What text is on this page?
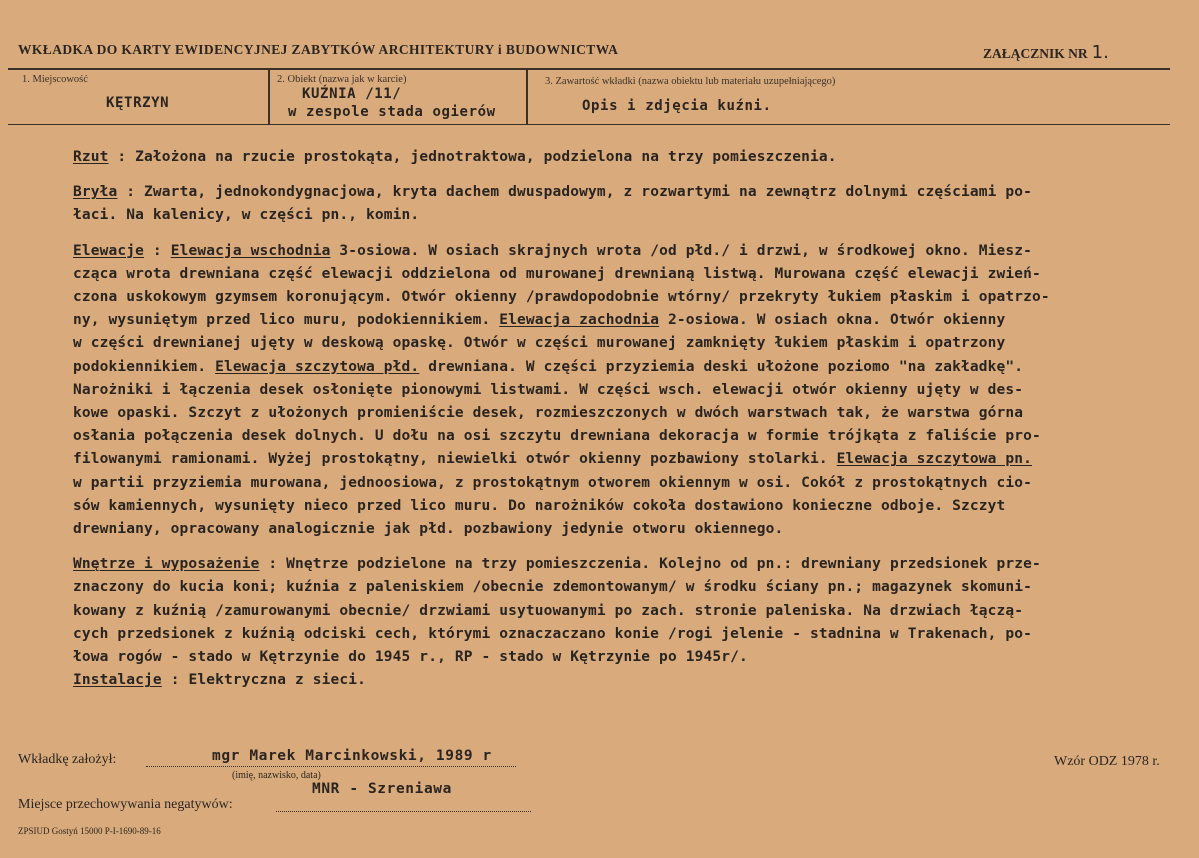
WKŁADKA DO KARTY EWIDENCYJNEJ ZABYTKÓW ARCHITEKTURY i BUDOWNICTWA	ZAŁĄCZNIK NR 1.
1. Miejscowość
KĘTRZYN
2. Obiekt (nazwa jak w karcie)
KUŹNIA /11/
w zespole stada ogierów
3. Zawartość wkładki (nazwa obiektu lub materiału uzupełniającego)
Opis i zdjęcia kuźni.
Rzut : Założona na rzucie prostokąta, jednotraktowa, podzielona na trzy pomieszczenia.
Bryła : Zwarta, jednokondygnacjowa, kryta dachem dwuspadowym, z rozwartymi na zewnątrz dolnymi częściami po-
łaci. Na kalenicy, w części pn., komin.
Elewacje : Elewacja wschodnia 3-osiowa. W osiach skrajnych wrota /od płd./ i drzwi, w środkowej okno. Miesz-
cząca wrota drewniana część elewacji oddzielona od murowanej drewnianą listwą. Murowana część elewacji zwień-
czona uskokowym gzymsem koronującym. Otwór okienny /prawdopodobnie wtórny/ przekryty łukiem płaskim i opatrzo-
ny, wysuniętym przed lico muru, podokiennikiem. Elewacja zachodnia 2-osiowa. W osiach okna. Otwór okienny
w części drewnianej ujęty w deskową opaskę. Otwór w części murowanej zamknięty łukiem płaskim i opatrzony
podokiennikiem. Elewacja szczytowa płd. drewniana. W części przyziemia deski ułożone poziomo "na zakładkę".
Narożniki i łączenia desek osłonięte pionowymi listwami. W części wsch. elewacji otwór okienny ujęty w des-
kowe opaski. Szczyt z ułożonych promieniście desek, rozmieszczonych w dwóch warstwach tak, że warstwa górna
osłania połączenia desek dolnych. U dołu na osi szczytu drewniana dekoracja w formie trójkąta z faliście pro-
filowanymi ramionami. Wyżej prostokątny, niewielki otwór okienny pozbawiony stolarki. Elewacja szczytowa pn.
w partii przyziemia murowana, jednoosiowa, z prostokątnym otworem okiennym w osi. Cokół z prostokątnych cio-
sów kamiennych, wysunięty nieco przed lico muru. Do narożników cokoła dostawiono konieczne odboje. Szczyt
drewniany, opracowany analogicznie jak płd. pozbawiony jedynie otworu okiennego.
Wnętrze i wyposażenie : Wnętrze podzielone na trzy pomieszczenia. Kolejno od pn.: drewniany przedsionek prze-
znaczony do kucia koni; kuźnia z paleniskiem /obecnie zdemontowanym/ w środku ściany pn.; magazynek skomuni-
kowany z kuźnią /zamurowanymi obecnie/ drzwiami usytuowanymi po zach. stronie paleniska. Na drzwiach łączą-
cych przedsionek z kuźnią odciski cech, którymi oznaczaczano konie /rogi jelenie - stadnina w Trakenach, po-
łowa rogów - stado w Kętrzynie do 1945 r., RP - stado w Kętrzynie po 1945r/.
Instalacje : Elektryczna z sieci.
Wkładkę założył:	mgr Marek Marcinkowski, 1989 r
(imię, nazwisko, data)
MNR - Szreniawa
Wzór ODZ 1978 r.
Miejsce przechowywania negatywów:
ZPSIUD Gostyń 15000 P-I-1690-89-16
